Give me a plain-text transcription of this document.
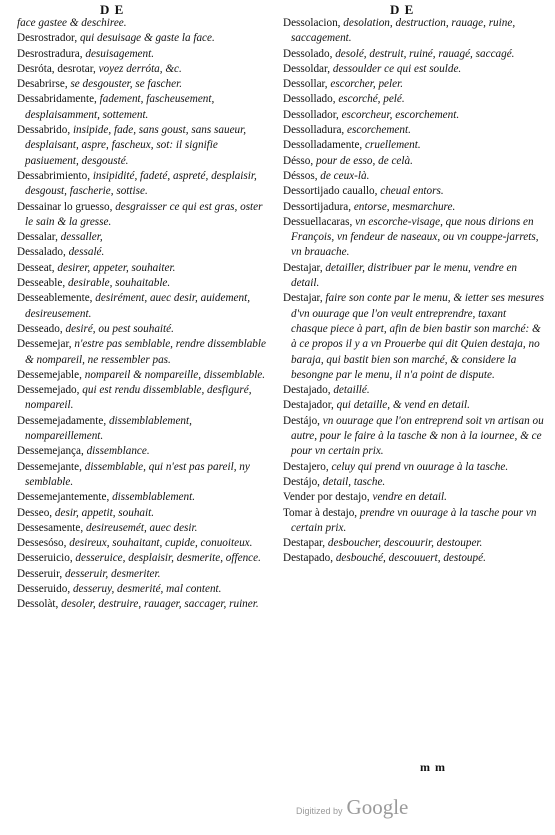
D E	D E

face gastee & deschiree.

Desrostrador, qui desuisage & gaste la face.

Desrostradura, desuisagement.

Desróta, desrotar, voyez derróta, &c.

Desabrirse, se desgouster, se fascher.

Dessabridamente, fadement, fascheusement, desplaisamment, sottement.

Dessabrido, insipide, fade, sans goust, sans saueur, desplaisant, aspre, fascheux, sot: il signifie pasiuement, desgousté.

Dessabrimiento, insipidité, fadeté, aspreté, desplaisir, desgoust, fascherie, sottise.

Dessainar lo gruesso, desgraisser ce qui est gras, oster le sain & la gresse.

Dessalar, dessaller,

Dessalado, dessalé.

Desseat, desirer, appeter, souhaiter.

Desseable, desirable, souhaitable.

Desseablemente, desirément, auec desir, auidement, desireusement.

Desseado, desiré, ou pest souhaité.

Dessemejar, n'estre pas semblable, rendre dissemblable & nompareil, ne ressembler pas.

Dessemejable, nompareil & nompareille, dissemblable.

Dessemejado, qui est rendu dissemblable, desfiguré, nompareil.

Dessemejadamente, dissemblablement, nompareillement.

Dessemejança, dissemblance.

Dessemejante, dissemblable, qui n'est pas pareil, ny semblable.

Dessemejantemente, dissemblablement.

Desseo, desir, appetit, souhait.

Dessesamente, desireusemét, auec desir.

Dessesóso, desireux, souhaitant, cupide, conuoiteux.

Desseruicio, desseruice, desplaisir, desmerite, offence.

Desseruir, desseruir, desmeriter.

Desseruido, desseruy, desmerité, mal content.

Dessolàt, desoler, destruire, rauager, saccager, ruiner.

Dessolacion, desolation, destruction, rauage, ruine, saccagement.

Dessolado, desolé, destruit, ruiné, rauagé, saccagé.

Dessoldar, dessoulder ce qui est soulde.

Dessollar, escorcher, peler.

Dessollado, escorché, pelé.

Dessollador, escorcheur, escorchement.

Dessolladura, escorchement.

Dessolladamente, cruellement.

Désso, pour de esso, de celà.

Déssos, de ceux-là.

Dessortijado cauallo, cheual entors.

Dessortijadura, entorse, mesmarchure.

Dessuellacaras, vn escorche-visage, que nous dirions en François, vn fendeur de naseaux, ou vn couppe-jarrets, vn brauache.

Destajar, detailler, distribuer par le menu, vendre en detail.

Destajar, faire son conte par le menu, & ietter ses mesures d'vn ouurage que l'on veult entreprendre, taxant chasque piece à part, afin de bien bastir son marché: & à ce propos il y a vn Prouerbe qui dit Quien destaja, no baraja, qui bastit bien son marché, & considere la besongne par le menu, il n'a point de dispute.

Destajado, detaillé.

Destajador, qui detaille, & vend en detail.

Destájo, vn ouurage que l'on entreprend soit vn artisan ou autre, pour le faire à la tasche & non à la iournee, & ce pour vn certain prix.

Destajero, celuy qui prend vn ouurage à la tasche.

Destájo, detail, tasche.

Vender por destajo, vendre en detail.

Tomar à destajo, prendre vn ouurage à la tasche pour vn certain prix.

Destapar, desboucher, descouurir, destouper.

Destapado, desbouché, descouuert, destoupé.

m m
Digitized by Google
